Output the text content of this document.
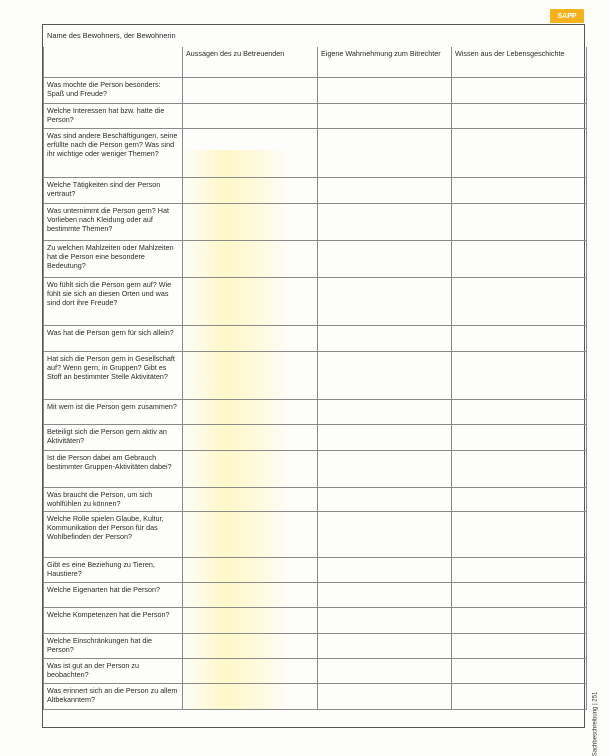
SAPP
Name des Bewohners, der Bewohnerin
	Aussagen des zu Betreuenden	Eigene Wahrnehmung zum Bitrechter	Wissen aus der Lebensgeschichte
Was mochte die Person besonders: Spaß und Freude?			
Welche Interessen hat bzw. hatte die Person?			
Was sind andere Beschäftigungen, seine erfüllte nach die Person gern? Was sind ihr wichtige oder weniger Themen?			
Welche Tätigkeiten sind der Person vertraut?			
Was unternimmt die Person gern? Hat Vorlieben nach Kleidung oder auf bestimmte Themen?			
Zu welchen Mahlzeiten oder Mahlzeiten hat die Person eine besondere Bedeutung?			
Wo fühlt sich die Person gern auf? Wie fühlt sie sich an diesen Orten und was sind dort ihre Freude?			
Was hat die Person gern für sich allein?			
Hat sich die Person gern in Gesellschaft auf? Wenn gern, in Gruppen? Gibt es Stoff an bestimmter Stelle Aktivitäten?			
Mit wem ist die Person gern zusammen?			
Beteiligt sich die Person gern aktiv an Aktivitäten?			
Ist die Person dabei am Gebrauch bestimmter Gruppen-Aktivitäten dabei?			
Was braucht die Person, um sich wohlfühlen zu können?			
Welche Rolle spielen Glaube, Kultur, Kommunikation der Person für das Wohlbefinden der Person?			
Gibt es eine Beziehung zu Tieren, Haustiere?			
Welche Eigenarten hat die Person?			
Welche Kompetenzen hat die Person?			
Welche Einschränkungen hat die Person?			
Was ist gut an der Person zu beobachten?			
Was erinnert sich an die Person zu allem Altbekanntem?				Sachbeschreibung | 251
